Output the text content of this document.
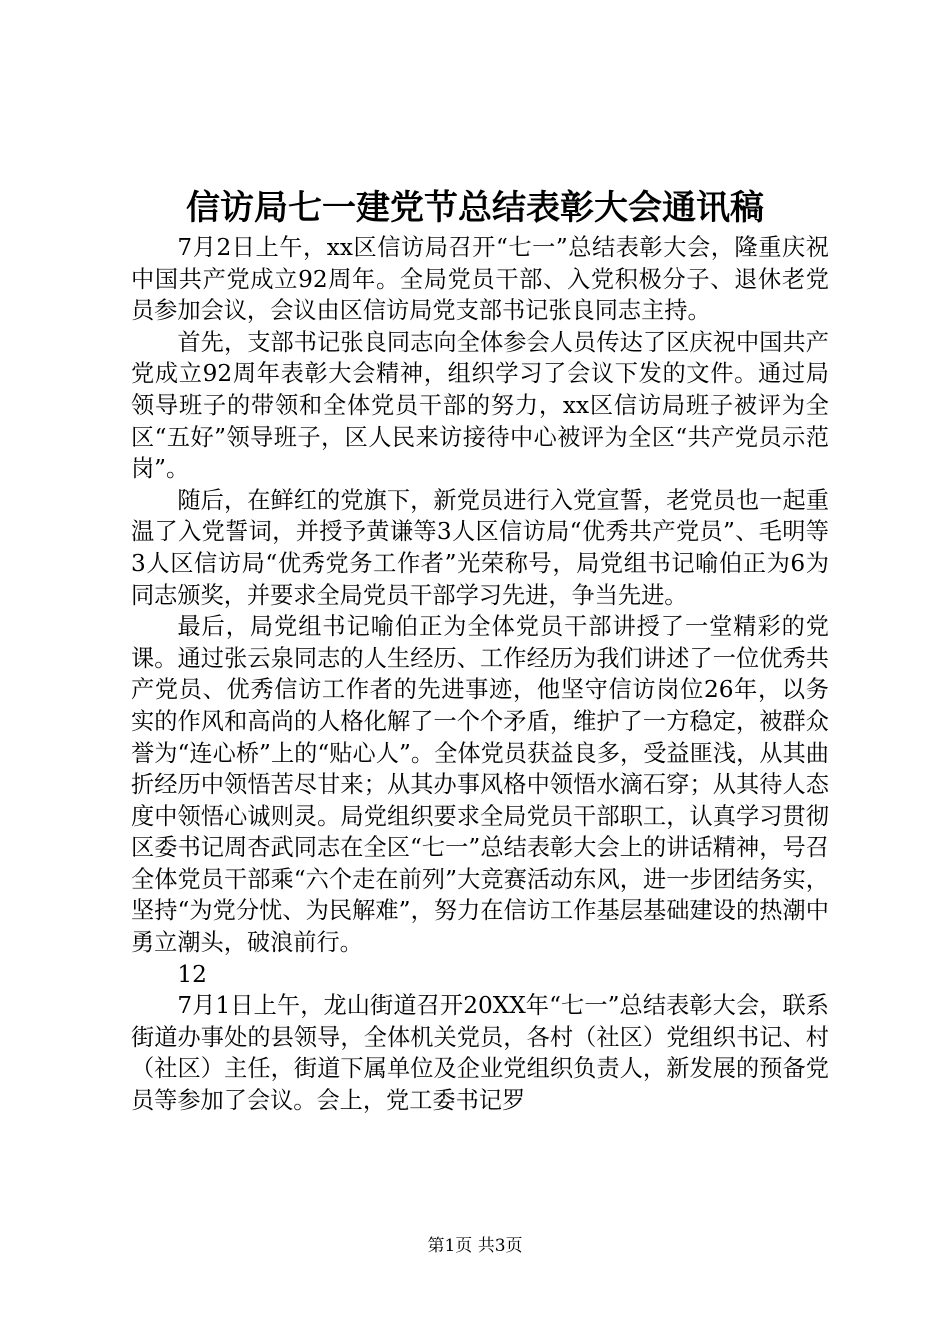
信访局七一建党节总结表彰大会通讯稿

7月2日上午，xx区信访局召开“七一”总结表彰大会，隆重庆祝中国共产党成立92周年。全局党员干部、入党积极分子、退休老党员参加会议，会议由区信访局党支部书记张良同志主持。

首先，支部书记张良同志向全体参会人员传达了区庆祝中国共产党成立92周年表彰大会精神，组织学习了会议下发的文件。通过局领导班子的带领和全体党员干部的努力，xx区信访局班子被评为全区“五好”领导班子，区人民来访接待中心被评为全区“共产党员示范岗”。

随后，在鲜红的党旗下，新党员进行入党宣誓，老党员也一起重温了入党誓词，并授予黄谦等3人区信访局“优秀共产党员”、毛明等3人区信访局“优秀党务工作者”光荣称号，局党组书记喻伯正为6为同志颁奖，并要求全局党员干部学习先进，争当先进。

最后，局党组书记喻伯正为全体党员干部讲授了一堂精彩的党课。通过张云泉同志的人生经历、工作经历为我们讲述了一位优秀共产党员、优秀信访工作者的先进事迹，他坚守信访岗位26年，以务实的作风和高尚的人格化解了一个个矛盾，维护了一方稳定，被群众誉为“连心桥”上的“贴心人”。全体党员获益良多，受益匪浅，从其曲折经历中领悟苦尽甘来；从其办事风格中领悟水滴石穿；从其待人态度中领悟心诚则灵。局党组织要求全局党员干部职工，认真学习贯彻区委书记周杏武同志在全区“七一”总结表彰大会上的讲话精神，号召全体党员干部乘“六个走在前列”大竞赛活动东风，进一步团结务实，坚持“为党分忧、为民解难”，努力在信访工作基层基础建设的热潮中勇立潮头，破浪前行。

12

7月1日上午，龙山街道召开20XX年“七一”总结表彰大会，联系街道办事处的县领导，全体机关党员，各村（社区）党组织书记、村（社区）主任，街道下属单位及企业党组织负责人，新发展的预备党员等参加了会议。会上，党工委书记罗

第1页 共3页
